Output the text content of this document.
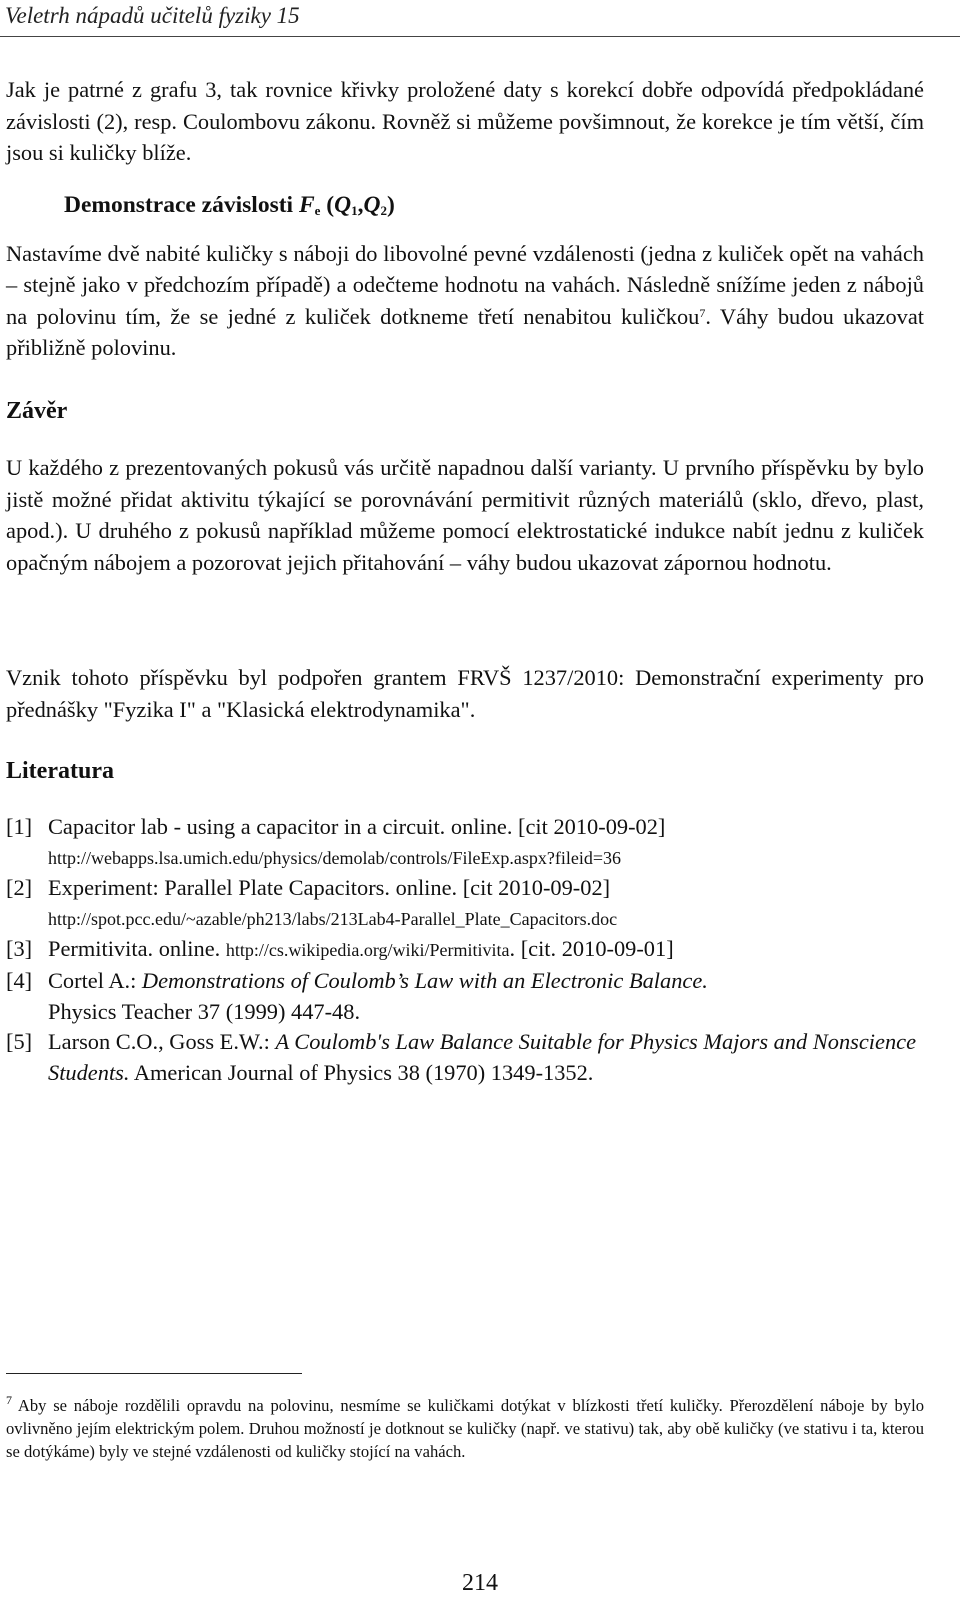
Veletrh nápadů učitelů fyziky 15

Jak je patrné z grafu 3, tak rovnice křivky proložené daty s korekcí dobře odpovídá předpokládané závislosti (2), resp. Coulombovu zákonu. Rovněž si můžeme povšimnout, že korekce je tím větší, čím jsou si kuličky blíže.

Demonstrace závislosti $F_e$ $(Q_1,Q_2)$

Nastavíme dvě nabité kuličky s náboji do libovolné pevné vzdálenosti (jedna z kuliček opět na vahách – stejně jako v předchozím případě) a odečteme hodnotu na vahách. Následně snížíme jeden z nábojů na polovinu tím, že se jedné z kuliček dotkneme třetí nenabitou kuličkou$^7$. Váhy budou ukazovat přibližně polovinu.

Závěr

U každého z prezentovaných pokusů vás určitě napadnou další varianty. U prvního příspěvku by bylo jistě možné přidat aktivitu týkající se porovnávání permitivit různých materiálů (sklo, dřevo, plast, apod.). U druhého z pokusů například můžeme pomocí elektrostatické indukce nabít jednu z kuliček opačným nábojem a pozorovat jejich přitahování – váhy budou ukazovat zápornou hodnotu.

Vznik tohoto příspěvku byl podpořen grantem FRVŠ 1237/2010: Demonstrační experimenty pro přednášky "Fyzika I" a "Klasická elektrodynamika".

Literatura
[1] Capacitor lab - using a capacitor in a circuit. online. [cit 2010-09-02]
http://webapps.lsa.umich.edu/physics/demolab/controls/FileExp.aspx?fileid=36
[2] Experiment: Parallel Plate Capacitors. online. [cit 2010-09-02]
http://spot.pcc.edu/~azable/ph213/labs/213Lab4-Parallel_Plate_Capacitors.doc
[3] Permitivita. online. http://cs.wikipedia.org/wiki/Permitivita. [cit. 2010-09-01]
[4] Cortel A.: Demonstrations of Coulomb’s Law with an Electronic Balance.
Physics Teacher 37 (1999) 447-48.
[5] Larson C.O., Goss E.W.: A Coulomb's Law Balance Suitable for Physics Majors and Nonscience Students. American Journal of Physics 38 (1970) 1349-1352.

$^7$ Aby se náboje rozdělili opravdu na polovinu, nesmíme se kuličkami dotýkat v blízkosti třetí kuličky. Přerozdělení náboje by bylo ovlivněno jejím elektrickým polem. Druhou možností je dotknout se kuličky (např. ve stativu) tak, aby obě kuličky (ve stativu i ta, kterou se dotýkáme) byly ve stejné vzdálenosti od kuličky stojící na vahách.

214
